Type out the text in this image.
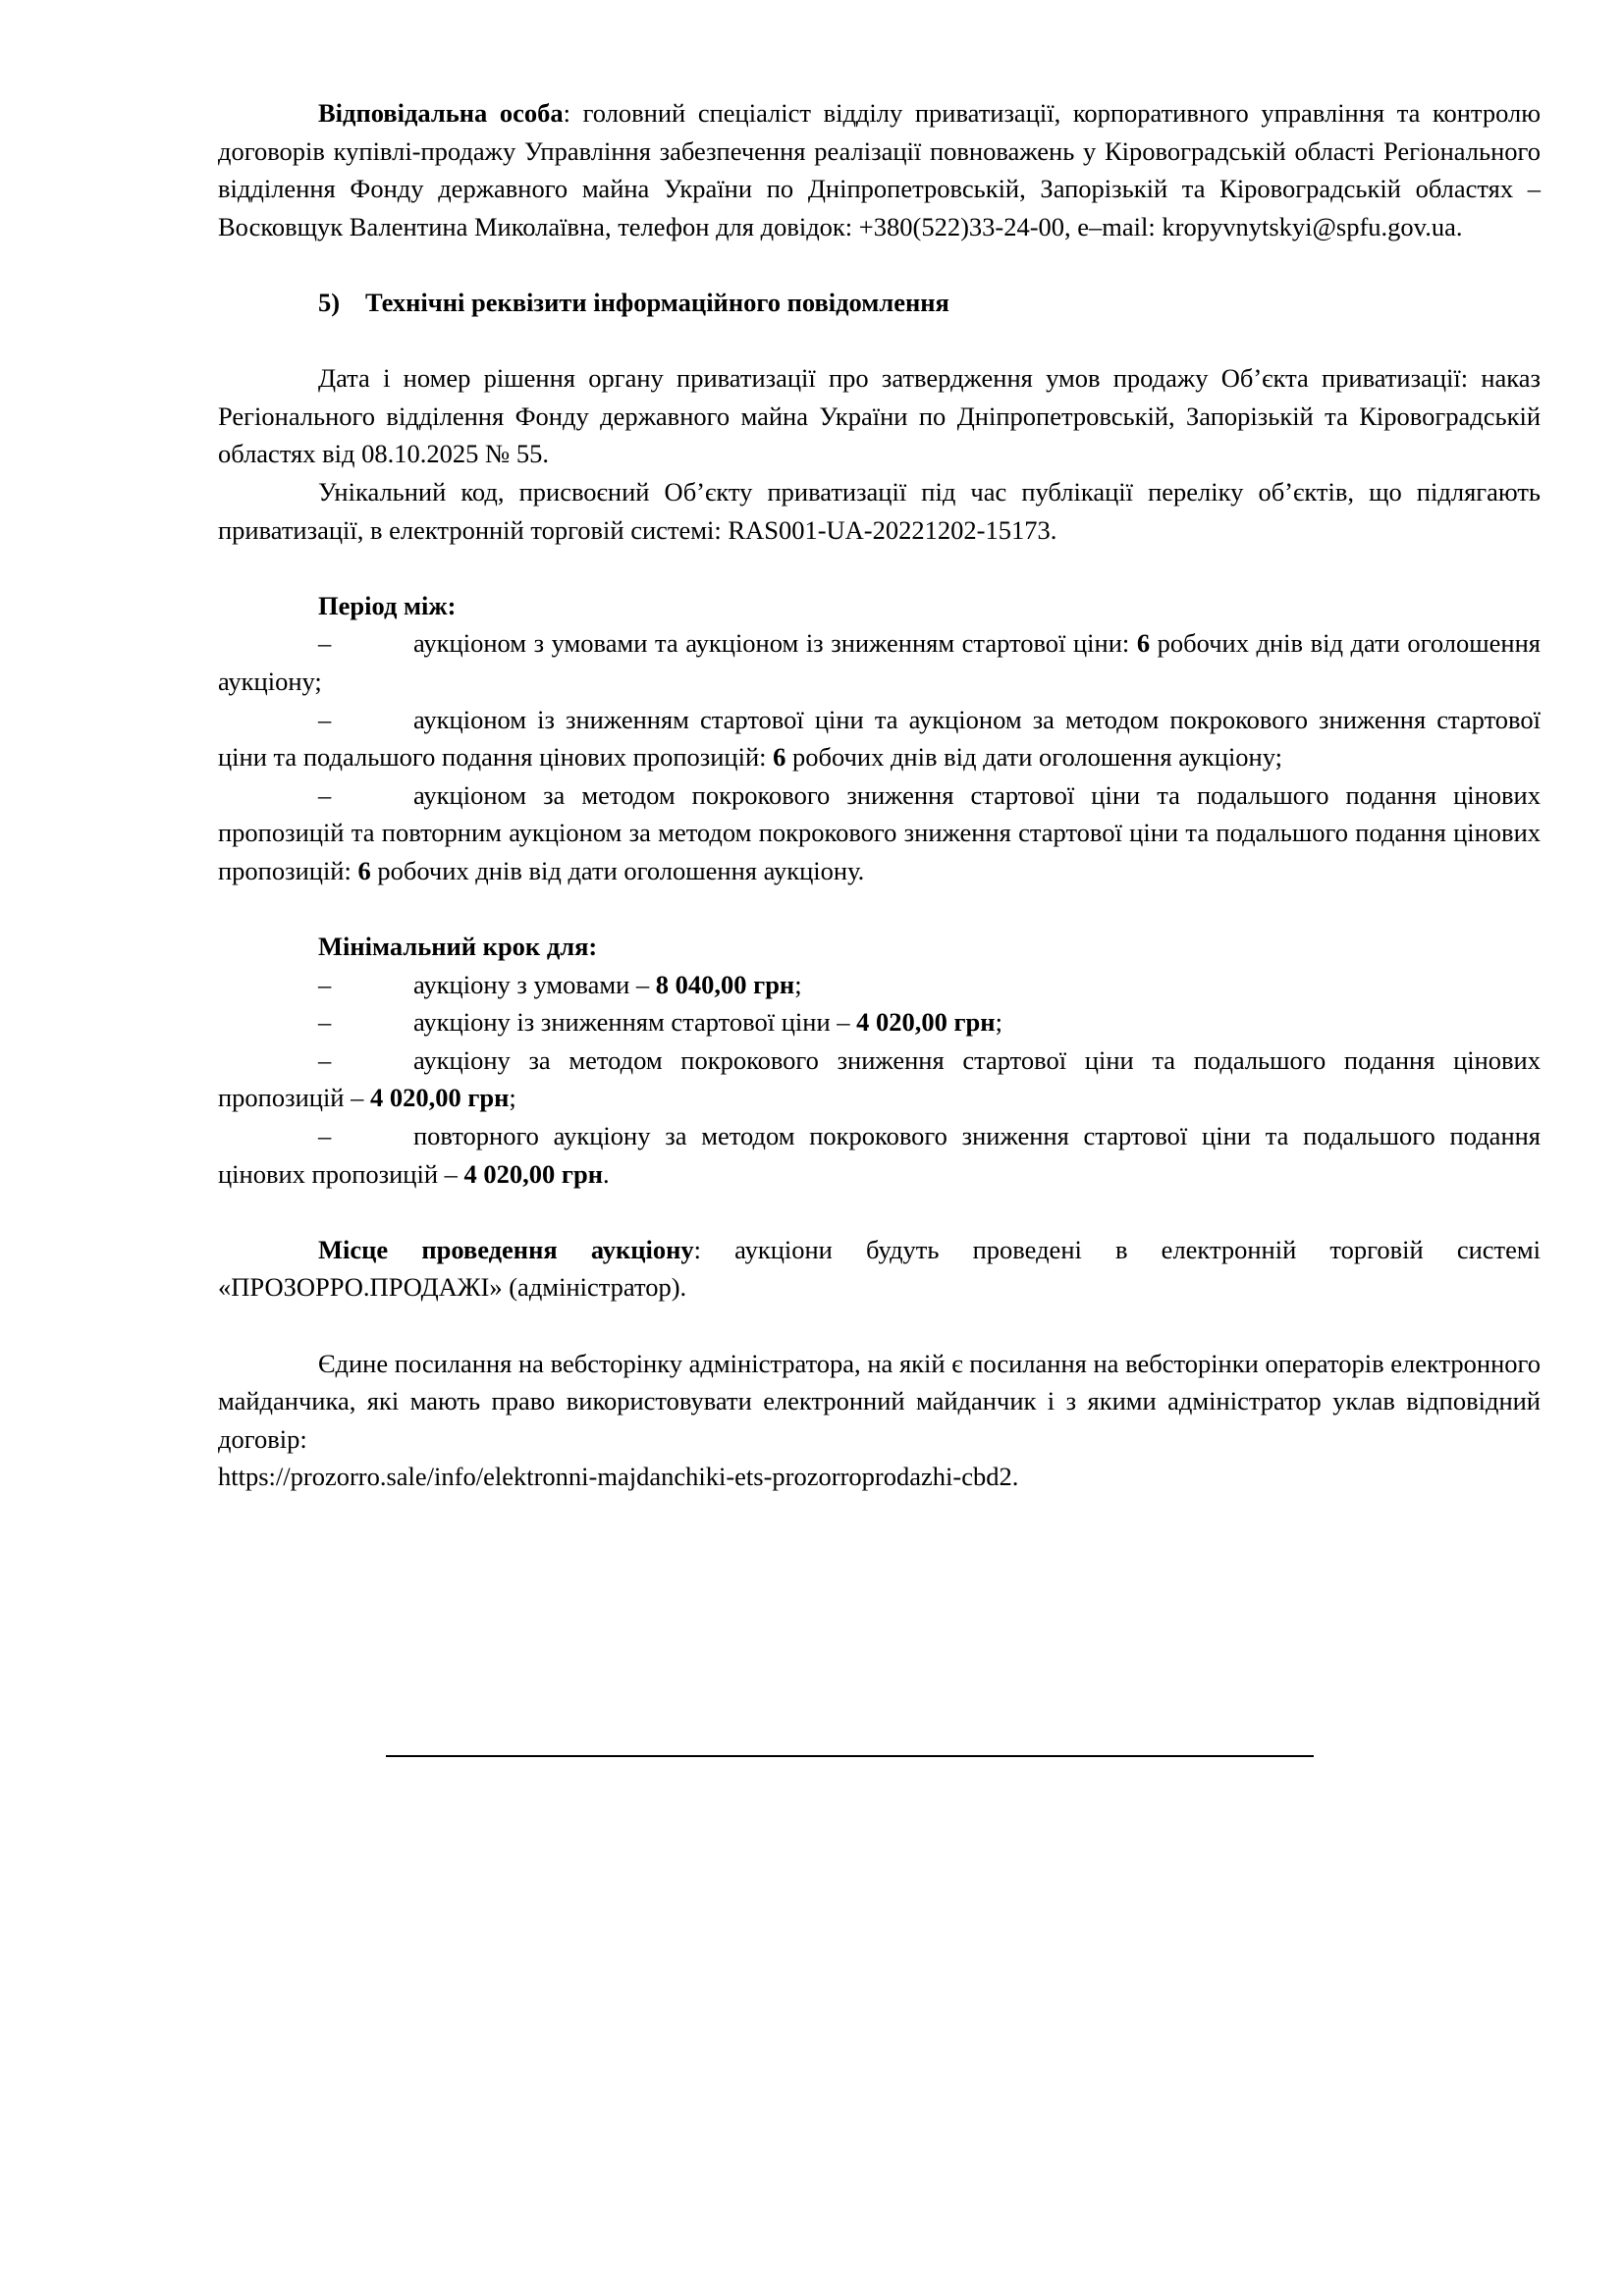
Відповідальна особа: головний спеціаліст відділу приватизації, корпоративного управління та контролю договорів купівлі-продажу Управління забезпечення реалізації повноважень у Кіровоградській області Регіонального відділення Фонду державного майна України по Дніпропетровській, Запорізькій та Кіровоградській областях – Восковщук Валентина Миколаївна, телефон для довідок: +380(522)33-24-00, e–mail: kropyvnytskyi@spfu.gov.ua.

5) Технічні реквізити інформаційного повідомлення

Дата і номер рішення органу приватизації про затвердження умов продажу Об’єкта приватизації: наказ Регіонального відділення Фонду державного майна України по Дніпропетровській, Запорізькій та Кіровоградській областях від 08.10.2025 № 55.

Унікальний код, присвоєний Об’єкту приватизації під час публікації переліку об’єктів, що підлягають приватизації, в електронній торговій системі: RAS001-UA-20221202-15173.

Період між:

–	аукціоном з умовами та аукціоном із зниженням стартової ціни: 6 робочих днів від дати оголошення аукціону;

–	аукціоном із зниженням стартової ціни та аукціоном за методом покрокового зниження стартової ціни та подальшого подання цінових пропозицій: 6 робочих днів від дати оголошення аукціону;

–	аукціоном за методом покрокового зниження стартової ціни та подальшого подання цінових пропозицій та повторним аукціоном за методом покрокового зниження стартової ціни та подальшого подання цінових пропозицій: 6 робочих днів від дати оголошення аукціону.

Мінімальний крок для:

–	аукціону з умовами – 8 040,00 грн;

–	аукціону із зниженням стартової ціни – 4 020,00 грн;

–	аукціону за методом покрокового зниження стартової ціни та подальшого подання цінових пропозицій – 4 020,00 грн;

–	повторного аукціону за методом покрокового зниження стартової ціни та подальшого подання цінових пропозицій – 4 020,00 грн.

Місце проведення аукціону: аукціони будуть проведені в електронній торговій системі «ПРОЗОРРО.ПРОДАЖІ» (адміністратор).

Єдине посилання на вебсторінку адміністратора, на якій є посилання на вебсторінки операторів електронного майданчика, які мають право використовувати електронний майданчик і з якими адміністратор уклав відповідний договір:

https://prozorro.sale/info/elektronni-majdanchiki-ets-prozorroprodazhi-cbd2.
